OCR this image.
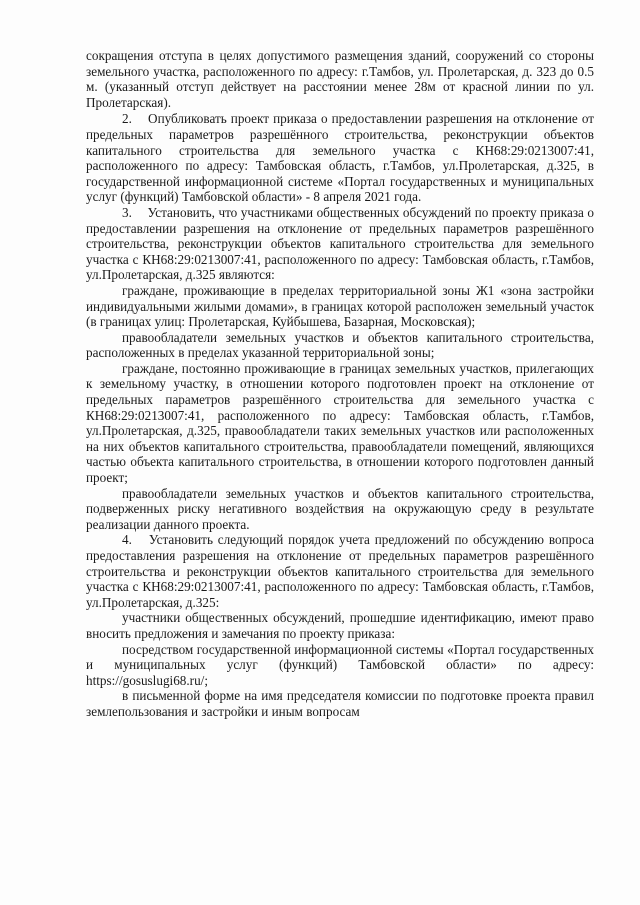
сокращения отступа в целях допустимого размещения зданий, сооружений со стороны земельного участка, расположенного по адресу: г.Тамбов, ул. Пролетарская, д. 323 до 0.5 м. (указанный отступ действует на расстоянии менее 28м от красной линии по ул. Пролетарская).

2. Опубликовать проект приказа о предоставлении разрешения на отклонение от предельных параметров разрешённого строительства, реконструкции объектов капитального строительства для земельного участка с КН68:29:0213007:41, расположенного по адресу: Тамбовская область, г.Тамбов, ул.Пролетарская, д.325, в государственной информационной системе «Портал государственных и муниципальных услуг (функций) Тамбовской области» - 8 апреля 2021 года.

3. Установить, что участниками общественных обсуждений по проекту приказа о предоставлении разрешения на отклонение от предельных параметров разрешённого строительства, реконструкции объектов капитального строительства для земельного участка с КН68:29:0213007:41, расположенного по адресу: Тамбовская область, г.Тамбов, ул.Пролетарская, д.325 являются:

граждане, проживающие в пределах территориальной зоны Ж1 «зона застройки индивидуальными жилыми домами», в границах которой расположен земельный участок (в границах улиц: Пролетарская, Куйбышева, Базарная, Московская);

правообладатели земельных участков и объектов капитального строительства, расположенных в пределах указанной территориальной зоны;

граждане, постоянно проживающие в границах земельных участков, прилегающих к земельному участку, в отношении которого подготовлен проект на отклонение от предельных параметров разрешённого строительства для земельного участка с КН68:29:0213007:41, расположенного по адресу: Тамбовская область, г.Тамбов, ул.Пролетарская, д.325, правообладатели таких земельных участков или расположенных на них объектов капитального строительства, правообладатели помещений, являющихся частью объекта капитального строительства, в отношении которого подготовлен данный проект;

правообладатели земельных участков и объектов капитального строительства, подверженных риску негативного воздействия на окружающую среду в результате реализации данного проекта.

4. Установить следующий порядок учета предложений по обсуждению вопроса предоставления разрешения на отклонение от предельных параметров разрешённого строительства и реконструкции объектов капитального строительства для земельного участка с КН68:29:0213007:41, расположенного по адресу: Тамбовская область, г.Тамбов, ул.Пролетарская, д.325:

участники общественных обсуждений, прошедшие идентификацию, имеют право вносить предложения и замечания по проекту приказа:

посредством государственной информационной системы «Портал государственных и муниципальных услуг (функций) Тамбовской области» по адресу: https://gosuslugi68.ru/;

в письменной форме на имя председателя комиссии по подготовке проекта правил землепользования и застройки и иным вопросам
